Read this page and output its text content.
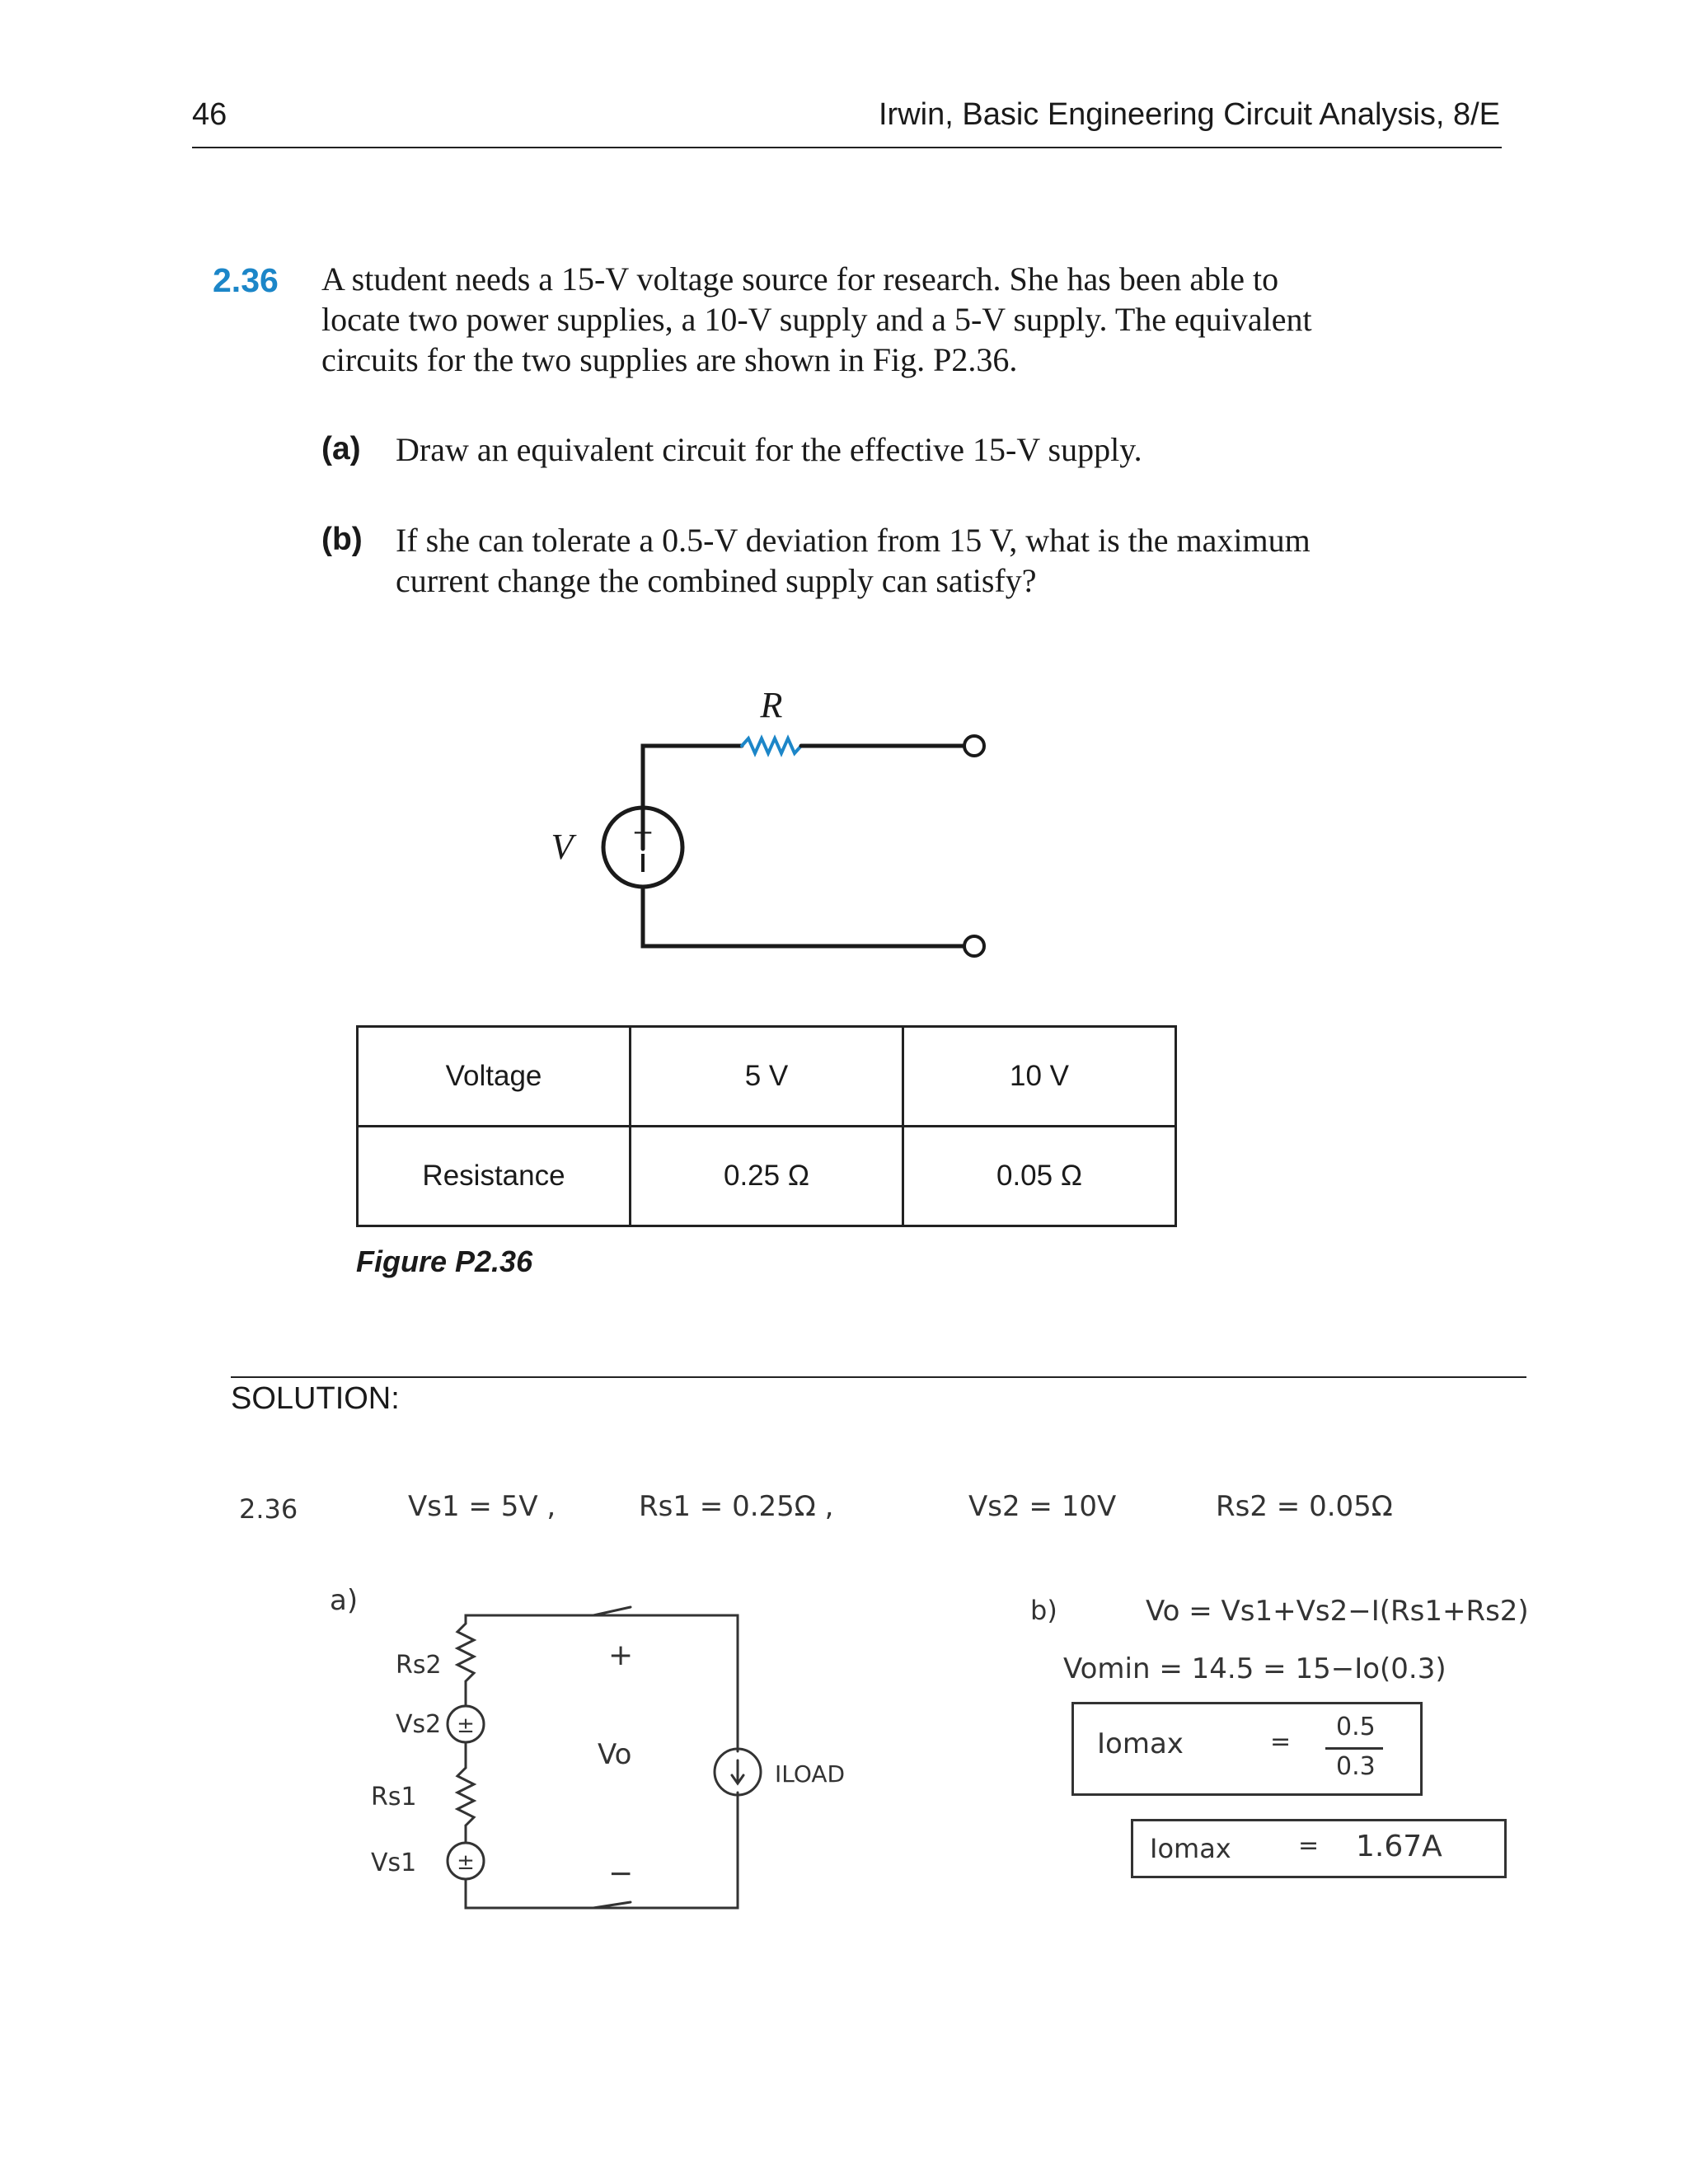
46	Irwin, Basic Engineering Circuit Analysis, 8/E
2.36 A student needs a 15-V voltage source for research. She has been able to locate two power supplies, a 10-V supply and a 5-V supply. The equivalent circuits for the two supplies are shown in Fig. P2.36.
(a) Draw an equivalent circuit for the effective 15-V supply.
(b) If she can tolerate a 0.5-V deviation from 15 V, what is the maximum current change the combined supply can satisfy?
+
R
V
Voltage	5 V	10 V
Resistance	0.25 Ω	0.05 Ω
Figure P2.36
SOLUTION:
2.36	Vs1 = 5V ,	Rs1 = 0.25Ω ,	Vs2 = 10V	Rs2 = 0.05Ω
a)
±
±
Rs2
Vs2
Rs1
Vs1
+
Vo
−
ILOAD
b)	Vo = Vs1+Vs2−I(Rs1+Rs2)
Vomin = 14.5 = 15−Io(0.3)
Iomax	=
0.5
0.3
Iomax	= 1.67A
